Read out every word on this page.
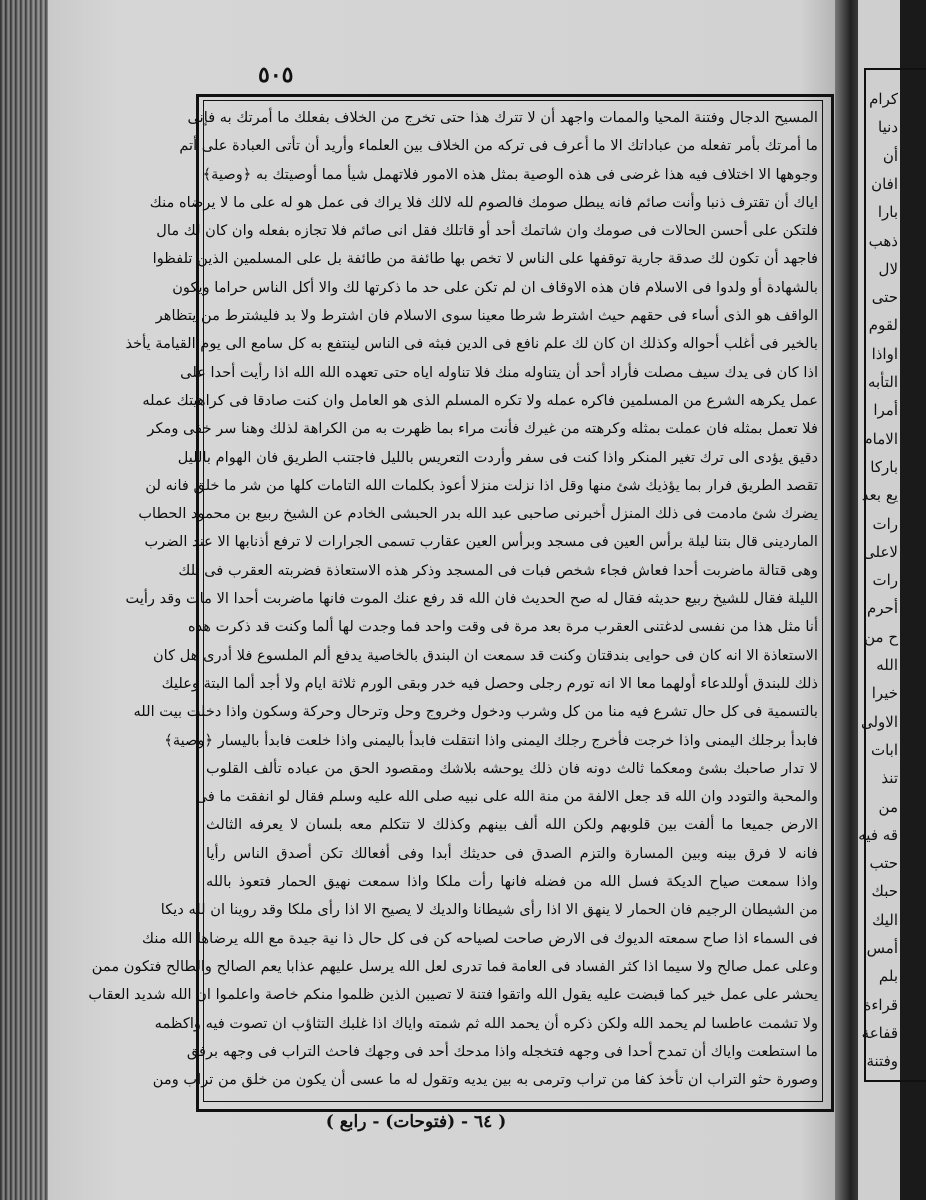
كرام
دنيا
أن
افان
بارا
ذهب
لال
حتى
لقوم
اواذا
التأبه
أمرا
الامام
باركا
يع بعد
رات
لاعلى
رات
أحرم
ح من
الله
خيرا
الاولى
ابات
تنذ
من
قه فيه
حتب
حبك
اليك
أمس
بلم
قراءة
قفاعة
وفتنة
٥٠٥
المسيح الدجال وفتنة المحيا والممات واجهد أن لا تترك هذا حتى تخرج من الخلاف بفعلك ما أمرتك به فإنى
ما أمرتك بأمر تفعله من عباداتك الا ما أعرف فى تركه من الخلاف بين العلماء وأريد أن تأتى العبادة على أتم
وجوهها الا اختلاف فيه هذا غرضى فى هذه الوصية بمثل هذه الامور فلاتهمل شيأ مما أوصيتك به ﴿وصية﴾
اياك أن تقترف ذنبا وأنت صائم فانه يبطل صومك فالصوم لله لالك فلا يراك فى عمل هو له على ما لا يرضاه منك
فلتكن على أحسن الحالات فى صومك وان شاتمك أحد أو قاتلك فقل انى صائم فلا تجازه بفعله وان كان لك مال
فاجهد أن تكون لك صدقة جارية توقفها على الناس لا تخص بها طائفة من طائفة بل على المسلمين الذين تلفظوا
بالشهادة أو ولدوا فى الاسلام فان هذه الاوقاف ان لم تكن على حد ما ذكرتها لك والا أكل الناس حراما ويكون
الواقف هو الذى أساء فى حقهم حيث اشترط شرطا معينا سوى الاسلام فان اشترط ولا بد فليشترط من يتظاهر
بالخير فى أغلب أحواله وكذلك ان كان لك علم نافع فى الدين فبثه فى الناس لينتفع به كل سامع الى يوم القيامة يأخذ
اذا كان فى يدك سيف مصلت فأراد أحد أن يتناوله منك فلا تناوله اياه حتى تعهده الله الله اذا رأيت أحدا على
عمل يكرهه الشرع من المسلمين فاكره عمله ولا تكره المسلم الذى هو العامل وان كنت صادقا فى كراهيتك عمله
فلا تعمل بمثله فان عملت بمثله وكرهته من غيرك فأنت مراء بما ظهرت به من الكراهة لذلك وهنا سر خفى ومكر
دقيق يؤدى الى ترك تغير المنكر واذا كنت فى سفر وأردت التعريس بالليل فاجتنب الطريق فان الهوام بالليل
تقصد الطريق فرار بما يؤذيك شئ منها وقل اذا نزلت منزلا أعوذ بكلمات الله التامات كلها من شر ما خلق فانه لن
يضرك شئ مادمت فى ذلك المنزل أخبرنى صاحبى عبد الله بدر الحبشى الخادم عن الشيخ ربيع بن محمود الحطاب
الماردينى قال بتنا ليلة برأس العين فى مسجد وبرأس العين عقارب تسمى الجرارات لا ترفع أذنابها الا عند الضرب
وهى قتالة ماضربت أحدا فعاش فجاء شخص فبات فى المسجد وذكر هذه الاستعاذة فضربته العقرب فى تلك
الليلة فقال للشيخ ربيع حديثه فقال له صح الحديث فان الله قد رفع عنك الموت فانها ماضربت أحدا الا مات وقد رأيت
أنا مثل هذا من نفسى لدغتنى العقرب مرة بعد مرة فى وقت واحد فما وجدت لها ألما وكنت قد ذكرت هذه
الاستعاذة الا انه كان فى حوايى بندقتان وكنت قد سمعت ان البندق بالخاصية يدفع ألم الملسوع فلا أدرى هل كان
ذلك للبندق أوللدعاء أولهما معا الا انه تورم رجلى وحصل فيه خدر وبقى الورم ثلاثة ايام ولا أجد ألما البتة وعليك
بالتسمية فى كل حال تشرع فيه منا من كل وشرب ودخول وخروج وحل وترحال وحركة وسكون واذا دخلت بيت الله
فابدأ برجلك اليمنى واذا خرجت فأخرج رجلك اليمنى واذا انتقلت فابدأ باليمنى واذا خلعت فابدأ باليسار ﴿وصية﴾
لا تدار صاحبك بشئ ومعكما ثالث دونه فان ذلك يوحشه بلاشك ومقصود الحق من عباده تألف القلوب
والمحبة والتودد وان الله قد جعل الالفة من منة الله على نبيه صلى الله عليه وسلم فقال لو انفقت ما فى
الارض جميعا ما ألفت بين قلوبهم ولكن الله ألف بينهم وكذلك لا تتكلم معه بلسان لا يعرفه الثالث
فانه لا فرق بينه وبين المسارة والتزم الصدق فى حديثك أبدا وفى أفعالك تكن أصدق الناس رأيا
واذا سمعت صياح الديكة فسل الله من فضله فانها رأت ملكا واذا سمعت نهيق الحمار فتعوذ بالله
من الشيطان الرجيم فان الحمار لا ينهق الا اذا رأى شيطانا والديك لا يصيح الا اذا رأى ملكا وقد روينا ان لله ديكا
فى السماء اذا صاح سمعته الديوك فى الارض صاحت لصياحه كن فى كل حال ذا نية جيدة مع الله يرضاها الله منك
وعلى عمل صالح ولا سيما اذا كثر الفساد فى العامة فما تدرى لعل الله يرسل عليهم عذابا يعم الصالح والطالح فتكون ممن
يحشر على عمل خير كما قبضت عليه يقول الله واتقوا فتنة لا تصيبن الذين ظلموا منكم خاصة واعلموا ان الله شديد العقاب
ولا تشمت عاطسا لم يحمد الله ولكن ذكره أن يحمد الله ثم شمته واياك اذا غلبك التثاؤب ان تصوت فيه واكظمه
ما استطعت واياك أن تمدح أحدا فى وجهه فتخجله واذا مدحك أحد فى وجهك فاحث التراب فى وجهه برفق
وصورة حثو التراب ان تأخذ كفا من تراب وترمى به بين يديه وتقول له ما عسى أن يكون من خلق من تراب ومن
( ٦٤ - (فتوحات) - رابع )
